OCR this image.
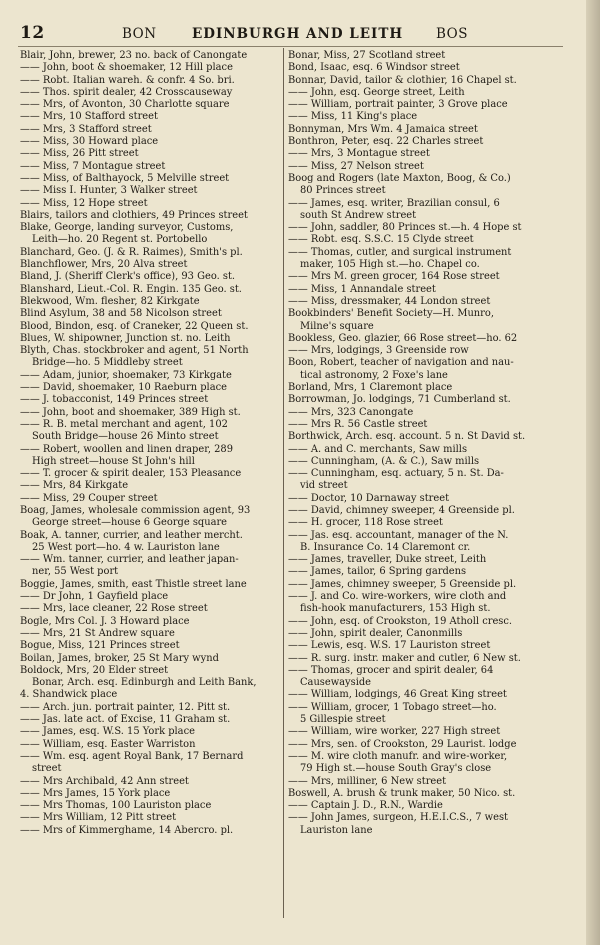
12	BON	EDINBURGH AND LEITH BOS

Blair, John, brewer, 23 no. back of Canongate

—— John, boot & shoemaker, 12 Hill place

—— Robt. Italian wareh. & confr. 4 So. bri.

—— Thos. spirit dealer, 42 Crosscauseway

—— Mrs, of Avonton, 30 Charlotte square

—— Mrs, 10 Stafford street

—— Mrs, 3 Stafford street

—— Miss, 30 Howard place

—— Miss, 26 Pitt street

—— Miss, 7 Montague street

—— Miss, of Balthayock, 5 Melville street

—— Miss I. Hunter, 3 Walker street

—— Miss, 12 Hope street

Blairs, tailors and clothiers, 49 Princes street

Blake, George, landing surveyor, Customs,

Leith—ho. 20 Regent st. Portobello

Blanchard, Geo. (J. & R. Raimes), Smith's pl.

Blanchflower, Mrs, 20 Alva street

Bland, J. (Sheriff Clerk's office), 93 Geo. st.

Blanshard, Lieut.-Col. R. Engin. 135 Geo. st.

Blekwood, Wm. flesher, 82 Kirkgate

Blind Asylum, 38 and 58 Nicolson street

Blood, Bindon, esq. of Craneker, 22 Queen st.

Blues, W. shipowner, Junction st. no. Leith

Blyth, Chas. stockbroker and agent, 51 North

Bridge—ho. 5 Middleby street

—— Adam, junior, shoemaker, 73 Kirkgate

—— David, shoemaker, 10 Raeburn place

—— J. tobacconist, 149 Princes street

—— John, boot and shoemaker, 389 High st.

—— R. B. metal merchant and agent, 102

South Bridge—house 26 Minto street

—— Robert, woollen and linen draper, 289

High street—house St John's hill

—— T. grocer & spirit dealer, 153 Pleasance

—— Mrs, 84 Kirkgate

—— Miss, 29 Couper street

Boag, James, wholesale commission agent, 93

George street—house 6 George square

Boak, A. tanner, currier, and leather mercht.

25 West port—ho. 4 w. Lauriston lane

—— Wm. tanner, currier, and leather japan-

ner, 55 West port

Boggie, James, smith, east Thistle street lane

—— Dr John, 1 Gayfield place

—— Mrs, lace cleaner, 22 Rose street

Bogle, Mrs Col. J. 3 Howard place

—— Mrs, 21 St Andrew square

Bogue, Miss, 121 Princes street

Boilan, James, broker, 25 St Mary wynd

Boldock, Mrs, 20 Elder street

Bonar, Arch. esq. Edinburgh and Leith Bank,

4. Shandwick place

—— Arch. jun. portrait painter, 12. Pitt st.

—— Jas. late act. of Excise, 11 Graham st.

—— James, esq. W.S. 15 York place

—— William, esq. Easter Warriston

—— Wm. esq. agent Royal Bank, 17 Bernard

street

—— Mrs Archibald, 42 Ann street

—— Mrs James, 15 York place

—— Mrs Thomas, 100 Lauriston place

—— Mrs William, 12 Pitt street

—— Mrs of Kimmerghame, 14 Abercro. pl.

Bonar, Miss, 27 Scotland street

Bond, Isaac, esq. 6 Windsor street

Bonnar, David, tailor & clothier, 16 Chapel st.

—— John, esq. George street, Leith

—— William, portrait painter, 3 Grove place

—— Miss, 11 King's place

Bonnyman, Mrs Wm. 4 Jamaica street

Bonthron, Peter, esq. 22 Charles street

—— Mrs, 3 Montague street

—— Miss, 27 Nelson street

Boog and Rogers (late Maxton, Boog, & Co.)

80 Princes street

—— James, esq. writer, Brazilian consul, 6

south St Andrew street

—— John, saddler, 80 Princes st.—h. 4 Hope st

—— Robt. esq. S.S.C. 15 Clyde street

—— Thomas, cutler, and surgical instrument

maker, 105 High st.—ho. Chapel co.

—— Mrs M. green grocer, 164 Rose street

—— Miss, 1 Annandale street

—— Miss, dressmaker, 44 London street

Bookbinders' Benefit Society—H. Munro,

Milne's square

Bookless, Geo. glazier, 66 Rose street—ho. 62

—— Mrs, lodgings, 3 Greenside row

Boon, Robert, teacher of navigation and nau-

tical astronomy, 2 Foxe's lane

Borland, Mrs, 1 Claremont place

Borrowman, Jo. lodgings, 71 Cumberland st.

—— Mrs, 323 Canongate

—— Mrs R. 56 Castle street

Borthwick, Arch. esq. account. 5 n. St David st.

—— A. and C. merchants, Saw mills

—— Cunningham, (A. & C.), Saw mills

—— Cunningham, esq. actuary, 5 n. St. Da-

vid street

—— Doctor, 10 Darnaway street

—— David, chimney sweeper, 4 Greenside pl.

—— H. grocer, 118 Rose street

—— Jas. esq. accountant, manager of the N.

B. Insurance Co. 14 Claremont cr.

—— James, traveller, Duke street, Leith

—— James, tailor, 6 Spring gardens

—— James, chimney sweeper, 5 Greenside pl.

—— J. and Co. wire-workers, wire cloth and

fish-hook manufacturers, 153 High st.

—— John, esq. of Crookston, 19 Atholl cresc.

—— John, spirit dealer, Canonmills

—— Lewis, esq. W.S. 17 Lauriston street

—— R. surg. instr. maker and cutler, 6 New st.

—— Thomas, grocer and spirit dealer, 64

Causewayside

—— William, lodgings, 46 Great King street

—— William, grocer, 1 Tobago street—ho.

5 Gillespie street

—— William, wire worker, 227 High street

—— Mrs, sen. of Crookston, 29 Laurist. lodge

—— M. wire cloth manufr. and wire-worker,

79 High st.—house South Gray's close

—— Mrs, milliner, 6 New street

Boswell, A. brush & trunk maker, 50 Nico. st.

—— Captain J. D., R.N., Wardie

—— John James, surgeon, H.E.I.C.S., 7 west

Lauriston lane
